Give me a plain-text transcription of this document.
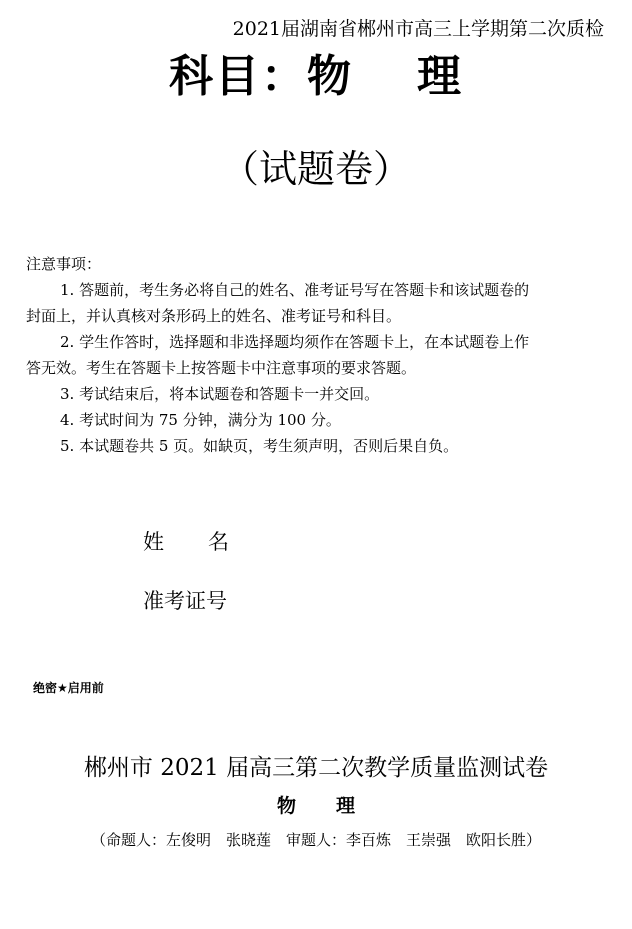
2021届湖南省郴州市高三上学期第二次质检
科目：物 理
（试题卷）
注意事项：
1. 答题前，考生务必将自己的姓名、准考证号写在答题卡和该试题卷的
封面上，并认真核对条形码上的姓名、准考证号和科目。
2. 学生作答时，选择题和非选择题均须作在答题卡上，在本试题卷上作
答无效。考生在答题卡上按答题卡中注意事项的要求答题。
3. 考试结束后，将本试题卷和答题卡一并交回。
4. 考试时间为 75 分钟，满分为 100 分。
5. 本试题卷共 5 页。如缺页，考生须声明，否则后果自负。
姓 名
准考证号
绝密★启用前
郴州市 2021 届高三第二次教学质量监测试卷
物 理
（命题人：左俊明　张晓莲　审题人：李百炼　王崇强　欧阳长胜）
